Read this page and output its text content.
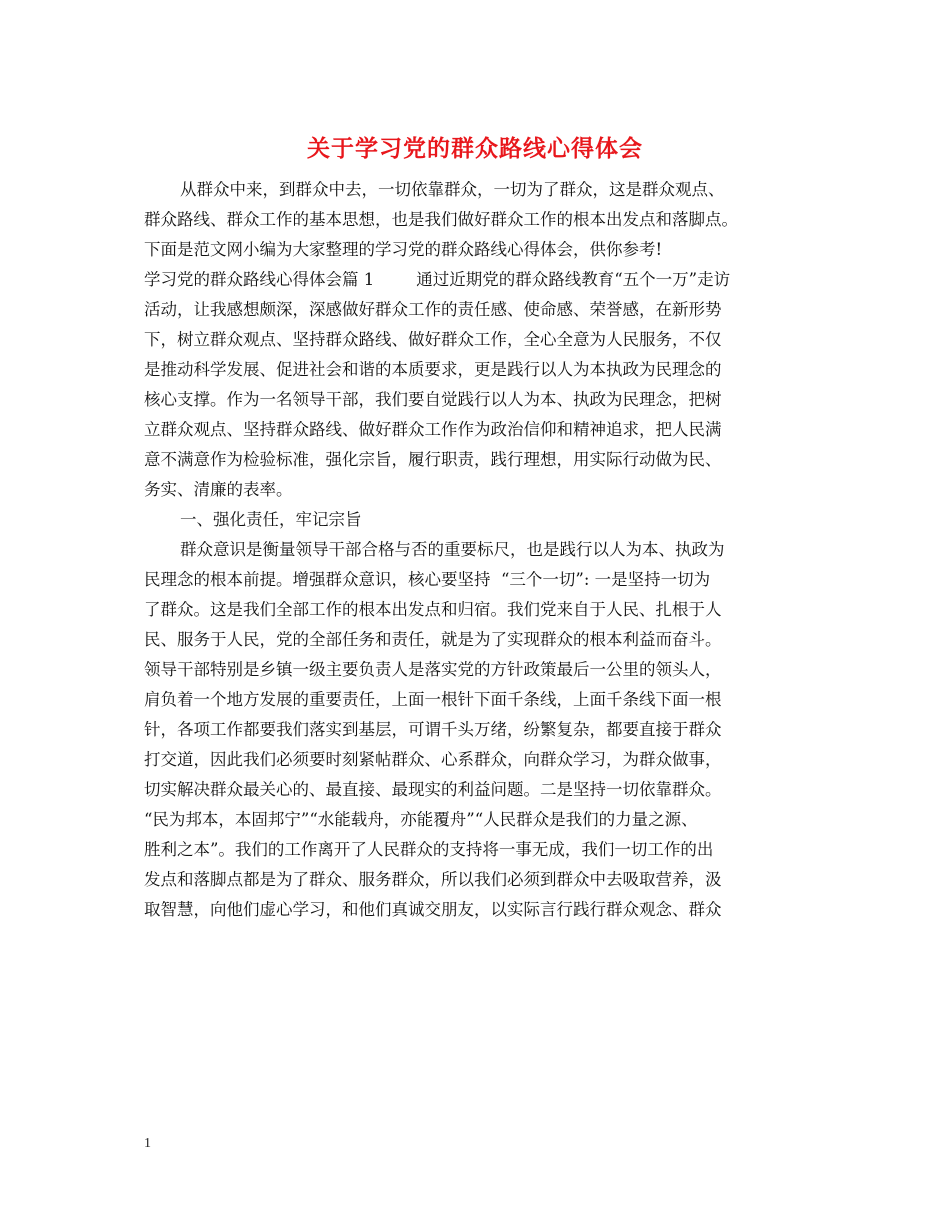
关于学习党的群众路线心得体会
从群众中来，到群众中去，一切依靠群众，一切为了群众，这是群众观点、
群众路线、群众工作的基本思想，也是我们做好群众工作的根本出发点和落脚点。
下面是范文网小编为大家整理的学习党的群众路线心得体会，供你参考!
学习党的群众路线心得体会篇 1        通过近期党的群众路线教育“五个一万”走访
活动，让我感想颇深，深感做好群众工作的责任感、使命感、荣誉感，在新形势
下，树立群众观点、坚持群众路线、做好群众工作，全心全意为人民服务，不仅
是推动科学发展、促进社会和谐的本质要求，更是践行以人为本执政为民理念的
核心支撑。作为一名领导干部，我们要自觉践行以人为本、执政为民理念，把树
立群众观点、坚持群众路线、做好群众工作作为政治信仰和精神追求，把人民满
意不满意作为检验标准，强化宗旨，履行职责，践行理想，用实际行动做为民、
务实、清廉的表率。
一、强化责任，牢记宗旨
群众意识是衡量领导干部合格与否的重要标尺，也是践行以人为本、执政为
民理念的根本前提。增强群众意识，核心要坚持  “三个一切”: 一是坚持一切为
了群众。这是我们全部工作的根本出发点和归宿。我们党来自于人民、扎根于人
民、服务于人民，党的全部任务和责任，就是为了实现群众的根本利益而奋斗。
领导干部特别是乡镇一级主要负责人是落实党的方针政策最后一公里的领头人，
肩负着一个地方发展的重要责任，上面一根针下面千条线，上面千条线下面一根
针，各项工作都要我们落实到基层，可谓千头万绪，纷繁复杂，都要直接于群众
打交道，因此我们必须要时刻紧帖群众、心系群众，向群众学习，为群众做事，
切实解决群众最关心的、最直接、最现实的利益问题。二是坚持一切依靠群众。
“民为邦本，本固邦宁”“水能载舟，亦能覆舟”“人民群众是我们的力量之源、
胜利之本”。我们的工作离开了人民群众的支持将一事无成，我们一切工作的出
发点和落脚点都是为了群众、服务群众，所以我们必须到群众中去吸取营养，汲
取智慧，向他们虚心学习，和他们真诚交朋友，以实际言行践行群众观念、群众
1
